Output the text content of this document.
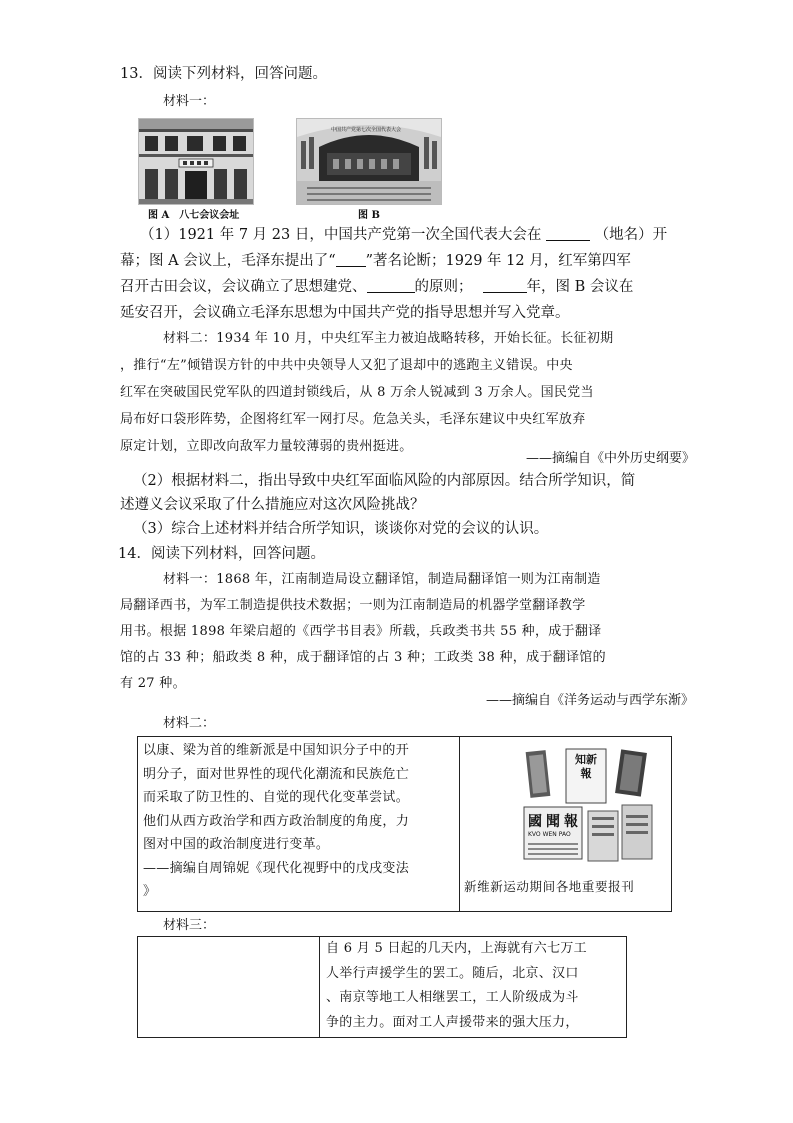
13．阅读下列材料，回答问题。
材料一：
图 A　八七会议会址
中国共产党第七次全国代表大会
图 B
（1）1921 年 7 月 23 日，中国共产党第一次全国代表大会在	（地名）开
幕；图 A 会议上，毛泽东提出了“ ”著名论断；1929 年 12 月，红军第四军
召开古田会议，会议确立了思想建党、	的原则；	年，图 B 会议在
延安召开，会议确立毛泽东思想为中国共产党的指导思想并写入党章。
材料二：1934 年 10 月，中央红军主力被迫战略转移，开始长征。长征初期
，推行“左”倾错误方针的中共中央领导人又犯了退却中的逃跑主义错误。中央
红军在突破国民党军队的四道封锁线后，从 8 万余人锐减到 3 万余人。国民党当
局布好口袋形阵势，企图将红军一网打尽。危急关头，毛泽东建议中央红军放弃
原定计划，立即改向敌军力量较薄弱的贵州挺进。
——摘编自《中外历史纲要》
（2）根据材料二，指出导致中央红军面临风险的内部原因。结合所学知识，简
述遵义会议采取了什么措施应对这次风险挑战？
（3）综合上述材料并结合所学知识，谈谈你对党的会议的认识。
14．阅读下列材料，回答问题。
材料一：1868 年，江南制造局设立翻译馆，制造局翻译馆一则为江南制造
局翻译西书，为军工制造提供技术数据；一则为江南制造局的机器学堂翻译教学
用书。根据 1898 年梁启超的《西学书目表》所载，兵政类书共 55 种，成于翻译
馆的占 33 种；船政类 8 种，成于翻译馆的占 3 种；工政类 38 种，成于翻译馆的
有 27 种。
——摘编自《洋务运动与西学东渐》
材料二：
以康、梁为首的维新派是中国知识分子中的开
明分子，面对世界性的现代化潮流和民族危亡
而采取了防卫性的、自觉的现代化变革尝试。
他们从西方政治学和西方政治制度的角度，力
图对中国的政治制度进行变革。
——摘编自周锦妮《现代化视野中的戊戌变法
》
知新報
國聞報
KVO WEN PAO
新维新运动期间各地重要报刊
材料三：
自 6 月 5 日起的几天内，上海就有六七万工
人举行声援学生的罢工。随后，北京、汉口
、南京等地工人相继罢工，工人阶级成为斗
争的主力。面对工人声援带来的强大压力，
